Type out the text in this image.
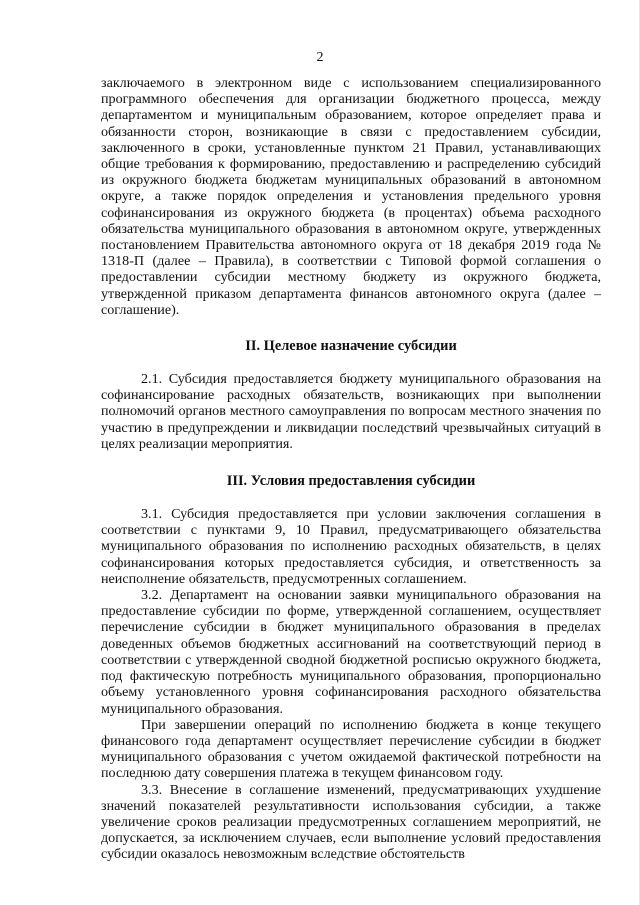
2

заключаемого в электронном виде с использованием специализированного программного обеспечения для организации бюджетного процесса, между департаментом и муниципальным образованием, которое определяет права и обязанности сторон, возникающие в связи с предоставлением субсидии, заключенного в сроки, установленные пунктом 21 Правил, устанавливающих общие требования к формированию, предоставлению и распределению субсидий из окружного бюджета бюджетам муниципальных образований в автономном округе, а также порядок определения и установления предельного уровня софинансирования из окружного бюджета (в процентах) объема расходного обязательства муниципального образования в автономном округе, утвержденных постановлением Правительства автономного округа от 18 декабря 2019 года № 1318-П (далее – Правила), в соответствии с Типовой формой соглашения о предоставлении субсидии местному бюджету из окружного бюджета, утвержденной приказом департамента финансов автономного округа (далее – соглашение).

II. Целевое назначение субсидии

2.1. Субсидия предоставляется бюджету муниципального образования на софинансирование расходных обязательств, возникающих при выполнении полномочий органов местного самоуправления по вопросам местного значения по участию в предупреждении и ликвидации последствий чрезвычайных ситуаций в целях реализации мероприятия.

III. Условия предоставления субсидии

3.1. Субсидия предоставляется при условии заключения соглашения в соответствии с пунктами 9, 10 Правил, предусматривающего обязательства муниципального образования по исполнению расходных обязательств, в целях софинансирования которых предоставляется субсидия, и ответственность за неисполнение обязательств, предусмотренных соглашением.

3.2. Департамент на основании заявки муниципального образования на предоставление субсидии по форме, утвержденной соглашением, осуществляет перечисление субсидии в бюджет муниципального образования в пределах доведенных объемов бюджетных ассигнований на соответствующий период в соответствии с утвержденной сводной бюджетной росписью окружного бюджета, под фактическую потребность муниципального образования, пропорционально объему установленного уровня софинансирования расходного обязательства муниципального образования.

При завершении операций по исполнению бюджета в конце текущего финансового года департамент осуществляет перечисление субсидии в бюджет муниципального образования с учетом ожидаемой фактической потребности на последнюю дату совершения платежа в текущем финансовом году.

3.3. Внесение в соглашение изменений, предусматривающих ухудшение значений показателей результативности использования субсидии, а также увеличение сроков реализации предусмотренных соглашением мероприятий, не допускается, за исключением случаев, если выполнение условий предоставления субсидии оказалось невозможным вследствие обстоятельств
